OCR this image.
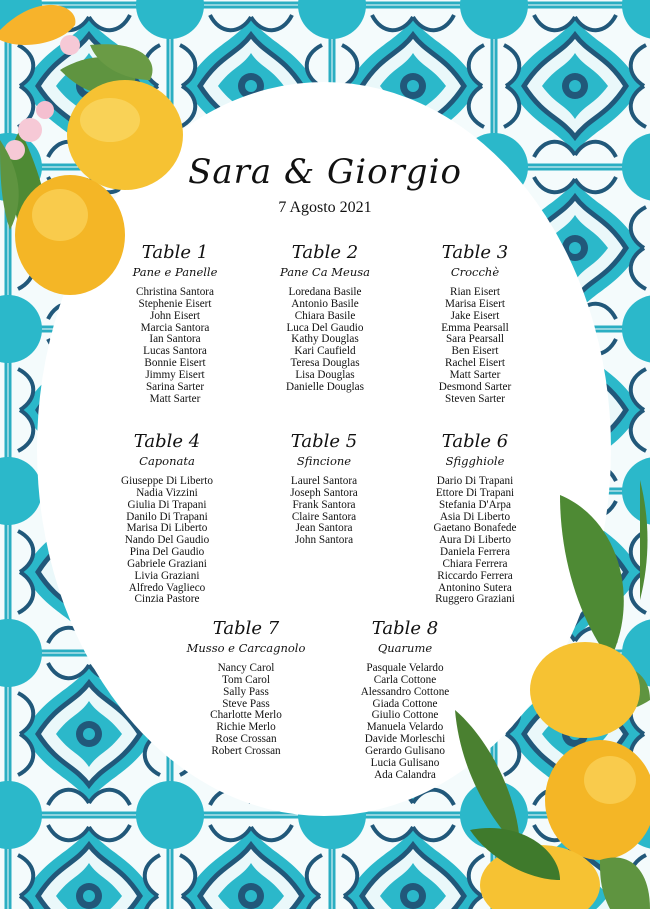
Sara & Giorgio
7 Agosto 2021
Table 1
Pane e Panelle
Christina Santora
Stephenie Eisert
John Eisert
Marcia Santora
Ian Santora
Lucas Santora
Bonnie Eisert
Jimmy Eisert
Sarina Sarter
Matt Sarter
Table 2
Pane Ca Meusa
Loredana Basile
Antonio Basile
Chiara Basile
Luca Del Gaudio
Kathy Douglas
Kari Caufield
Teresa Douglas
Lisa Douglas
Danielle Douglas
Table 3
Crocchè
Rian Eisert
Marisa Eisert
Jake Eisert
Emma Pearsall
Sara Pearsall
Ben Eisert
Rachel Eisert
Matt Sarter
Desmond Sarter
Steven Sarter
Table 4
Caponata
Giuseppe Di Liberto
Nadia Vizzini
Giulia Di Trapani
Danilo Di Trapani
Marisa Di Liberto
Nando Del Gaudio
Pina Del Gaudio
Gabriele Graziani
Livia Graziani
Alfredo Vaglieco
Cinzia Pastore
Table 5
Sfincione
Laurel Santora
Joseph Santora
Frank Santora
Claire Santora
Jean Santora
John Santora
Table 6
Sfigghiole
Dario Di Trapani
Ettore Di Trapani
Stefania D'Arpa
Asia Di Liberto
Gaetano Bonafede
Aura Di Liberto
Daniela Ferrera
Chiara Ferrera
Riccardo Ferrera
Antonino Sutera
Ruggero Graziani
Table 7
Musso e Carcagnolo
Nancy Carol
Tom Carol
Sally Pass
Steve Pass
Charlotte Merlo
Richie Merlo
Rose Crossan
Robert Crossan
Table 8
Quarume
Pasquale Velardo
Carla Cottone
Alessandro Cottone
Giada Cottone
Giulio Cottone
Manuela Velardo
Davide Morleschi
Gerardo Gulisano
Lucia Gulisano
Ada Calandra
